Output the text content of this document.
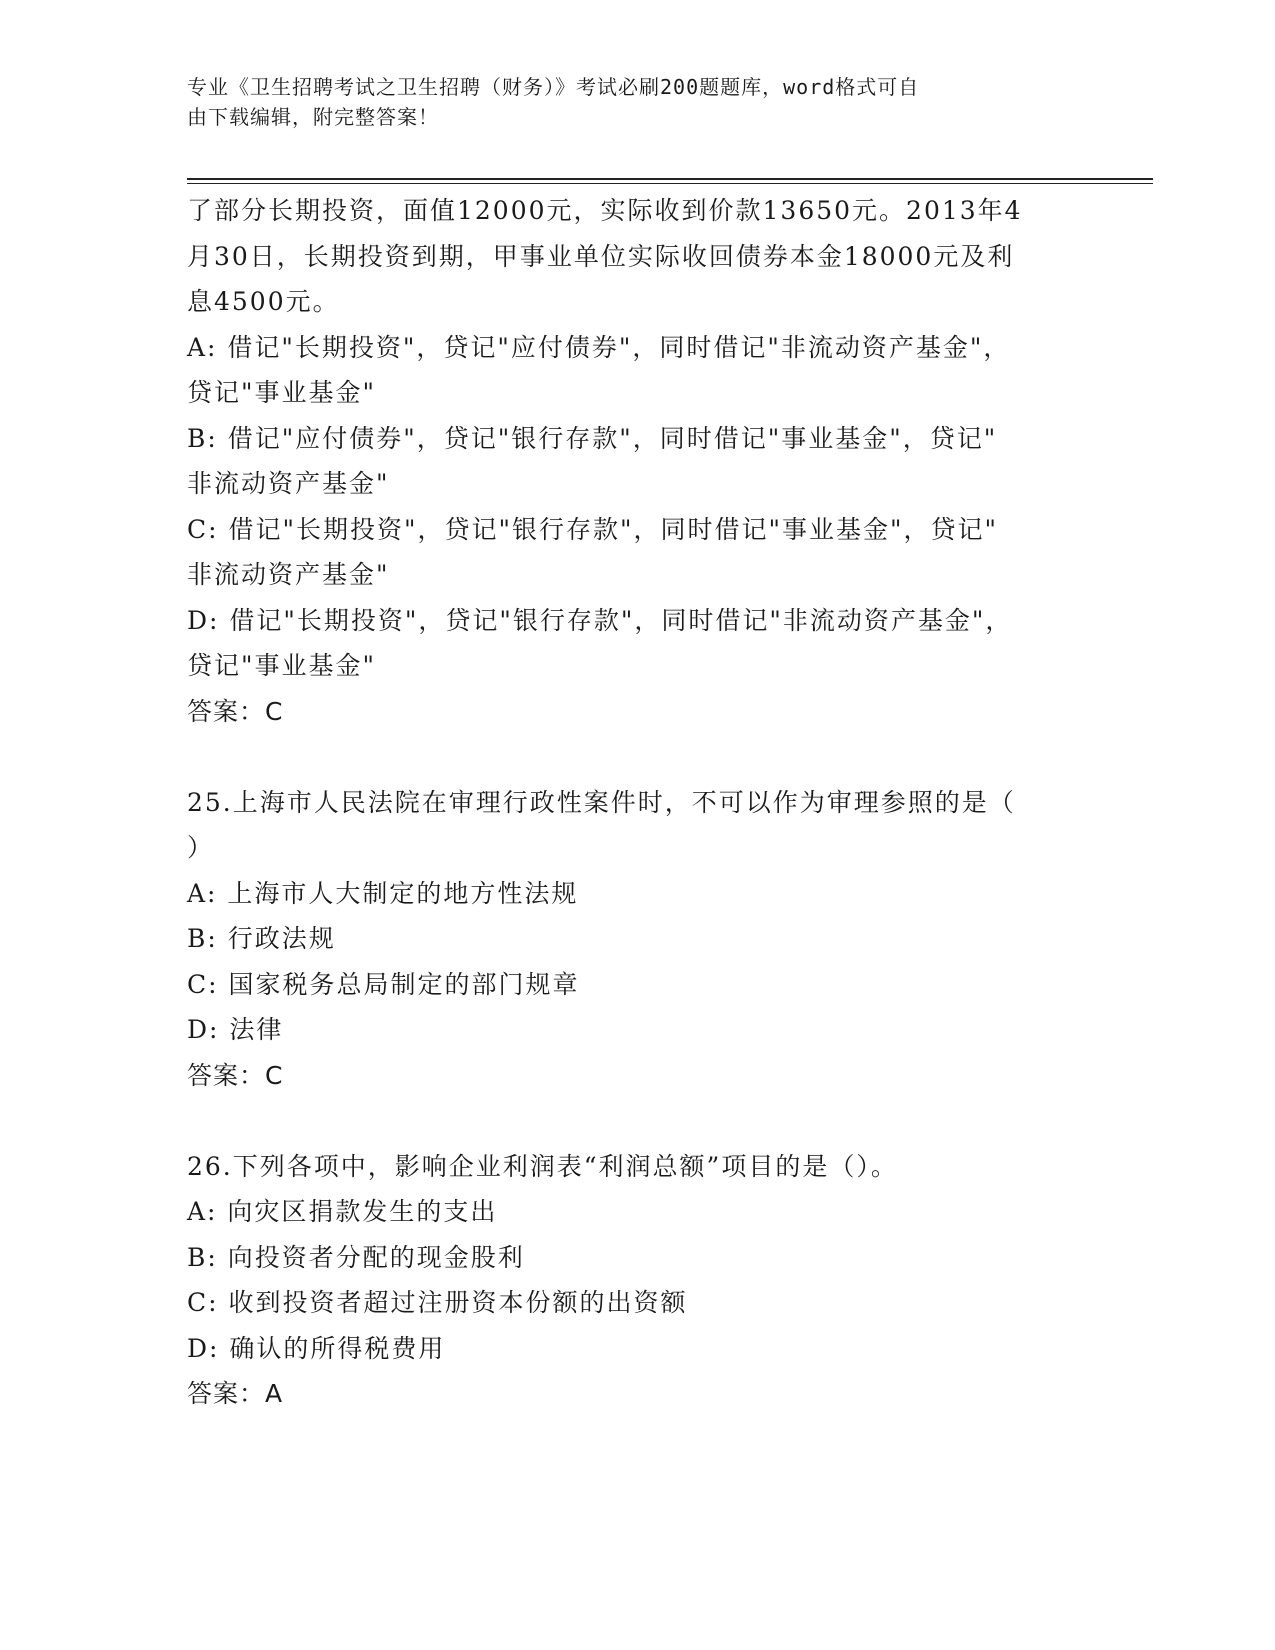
专业《卫生招聘考试之卫生招聘（财务）》考试必刷200题题库，word格式可自
由下载编辑，附完整答案！
了部分长期投资，面值12000元，实际收到价款13650元。2013年4
月30日，长期投资到期，甲事业单位实际收回债券本金18000元及利
息4500元。
A: 借记"长期投资"，贷记"应付债券"，同时借记"非流动资产基金"，
贷记"事业基金"
B: 借记"应付债券"，贷记"银行存款"，同时借记"事业基金"，贷记"
非流动资产基金"
C: 借记"长期投资"，贷记"银行存款"，同时借记"事业基金"，贷记"
非流动资产基金"
D: 借记"长期投资"，贷记"银行存款"，同时借记"非流动资产基金"，
贷记"事业基金"
答案：C
25.上海市人民法院在审理行政性案件时，不可以作为审理参照的是（
）
A: 上海市人大制定的地方性法规
B: 行政法规
C: 国家税务总局制定的部门规章
D: 法律
答案：C
26.下列各项中，影响企业利润表“利润总额”项目的是（）。
A: 向灾区捐款发生的支出
B: 向投资者分配的现金股利
C: 收到投资者超过注册资本份额的出资额
D: 确认的所得税费用
答案：A
